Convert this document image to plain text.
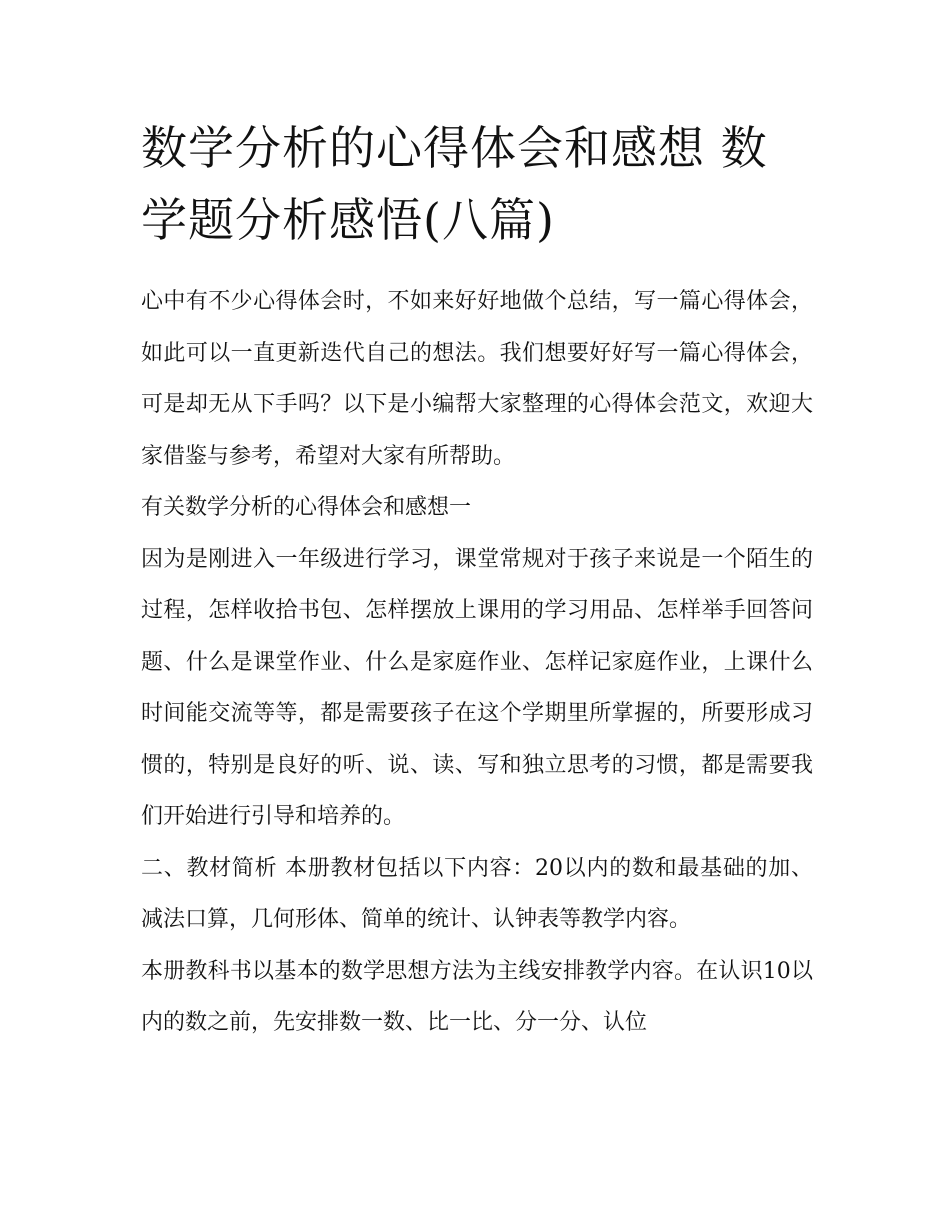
数学分析的心得体会和感想 数学题分析感悟(八篇)

心中有不少心得体会时，不如来好好地做个总结，写一篇心得体会，如此可以一直更新迭代自己的想法。我们想要好好写一篇心得体会，可是却无从下手吗？以下是小编帮大家整理的心得体会范文，欢迎大家借鉴与参考，希望对大家有所帮助。

有关数学分析的心得体会和感想一

因为是刚进入一年级进行学习，课堂常规对于孩子来说是一个陌生的过程，怎样收拾书包、怎样摆放上课用的学习用品、怎样举手回答问题、什么是课堂作业、什么是家庭作业、怎样记家庭作业，上课什么时间能交流等等，都是需要孩子在这个学期里所掌握的，所要形成习惯的，特别是良好的听、说、读、写和独立思考的习惯，都是需要我们开始进行引导和培养的。

二、教材简析 本册教材包括以下内容：20以内的数和最基础的加、减法口算，几何形体、简单的统计、认钟表等教学内容。

本册教科书以基本的数学思想方法为主线安排教学内容。在认识10以内的数之前，先安排数一数、比一比、分一分、认位
